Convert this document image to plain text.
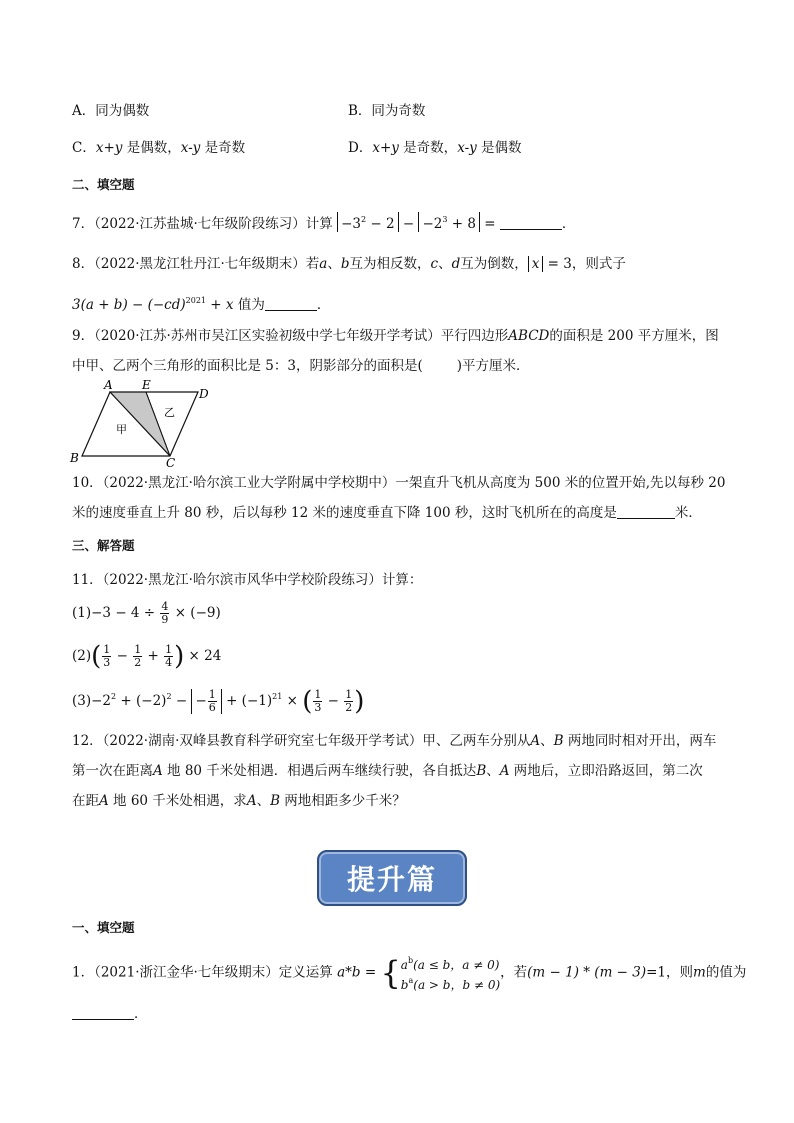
A．同为偶数	B．同为奇数
C．x+y 是偶数，x-y 是奇数	D．x+y 是奇数，x-y 是偶数
二、填空题
7．（2022·江苏盐城·七年级阶段练习）计算 $-3^2 - 2 - -2^3 + 8$ =	．
8．（2022·黑龙江牡丹江·七年级期末）若a、b互为相反数，c、d互为倒数， x = 3，则式子
$3(a + b) - (-cd)^{2021} + x$ 值为	．
9．（2020·江苏·苏州市吴江区实验初级中学七年级开学考试）平行四边形ABCD的面积是 200 平方厘米，图
中甲、乙两个三角形的面积比是 5：3，阴影部分的面积是(	)平方厘米．
A E
D
B	C
甲
乙
10．（2022·黑龙江·哈尔滨工业大学附属中学校期中）一架直升飞机从高度为 500 米的位置开始,先以每秒 20
米的速度垂直上升 80 秒，后以每秒 12 米的速度垂直下降 100 秒，这时飞机所在的高度是	米．
三、解答题
11．（2022·黑龙江·哈尔滨市风华中学校阶段练习）计算：
$(1)-3 - 4 \div \frac{4}{9} \times (-9)$
$(2)( \frac{1}{3} - \frac{1}{2} + \frac{1}{4}$ ) × 24
$(3)-2^2 + (-2)^2$ − − $\frac{1}{6} + (-1)^{21}$ × ( $\frac{1}{3} - \frac{1}{2}$ )
12．（2022·湖南·双峰县教育科学研究室七年级开学考试）甲、乙两车分别从A、B 两地同时相对开出，两车
第一次在距离A 地 80 千米处相遇．相遇后两车继续行驶，各自抵达B、A 两地后，立即沿路返回，第二次
在距A 地 60 千米处相遇，求A、B 两地相距多少千米？
提升篇
一、填空题
1．（2021·浙江金华·七年级期末）定义运算 a*b = { $a^b(a \le b$，a ≠ 0)
$b^a(a > b$，b ≠ 0)
，若(m − 1) * (m − 3)=1，则m的值为
．
